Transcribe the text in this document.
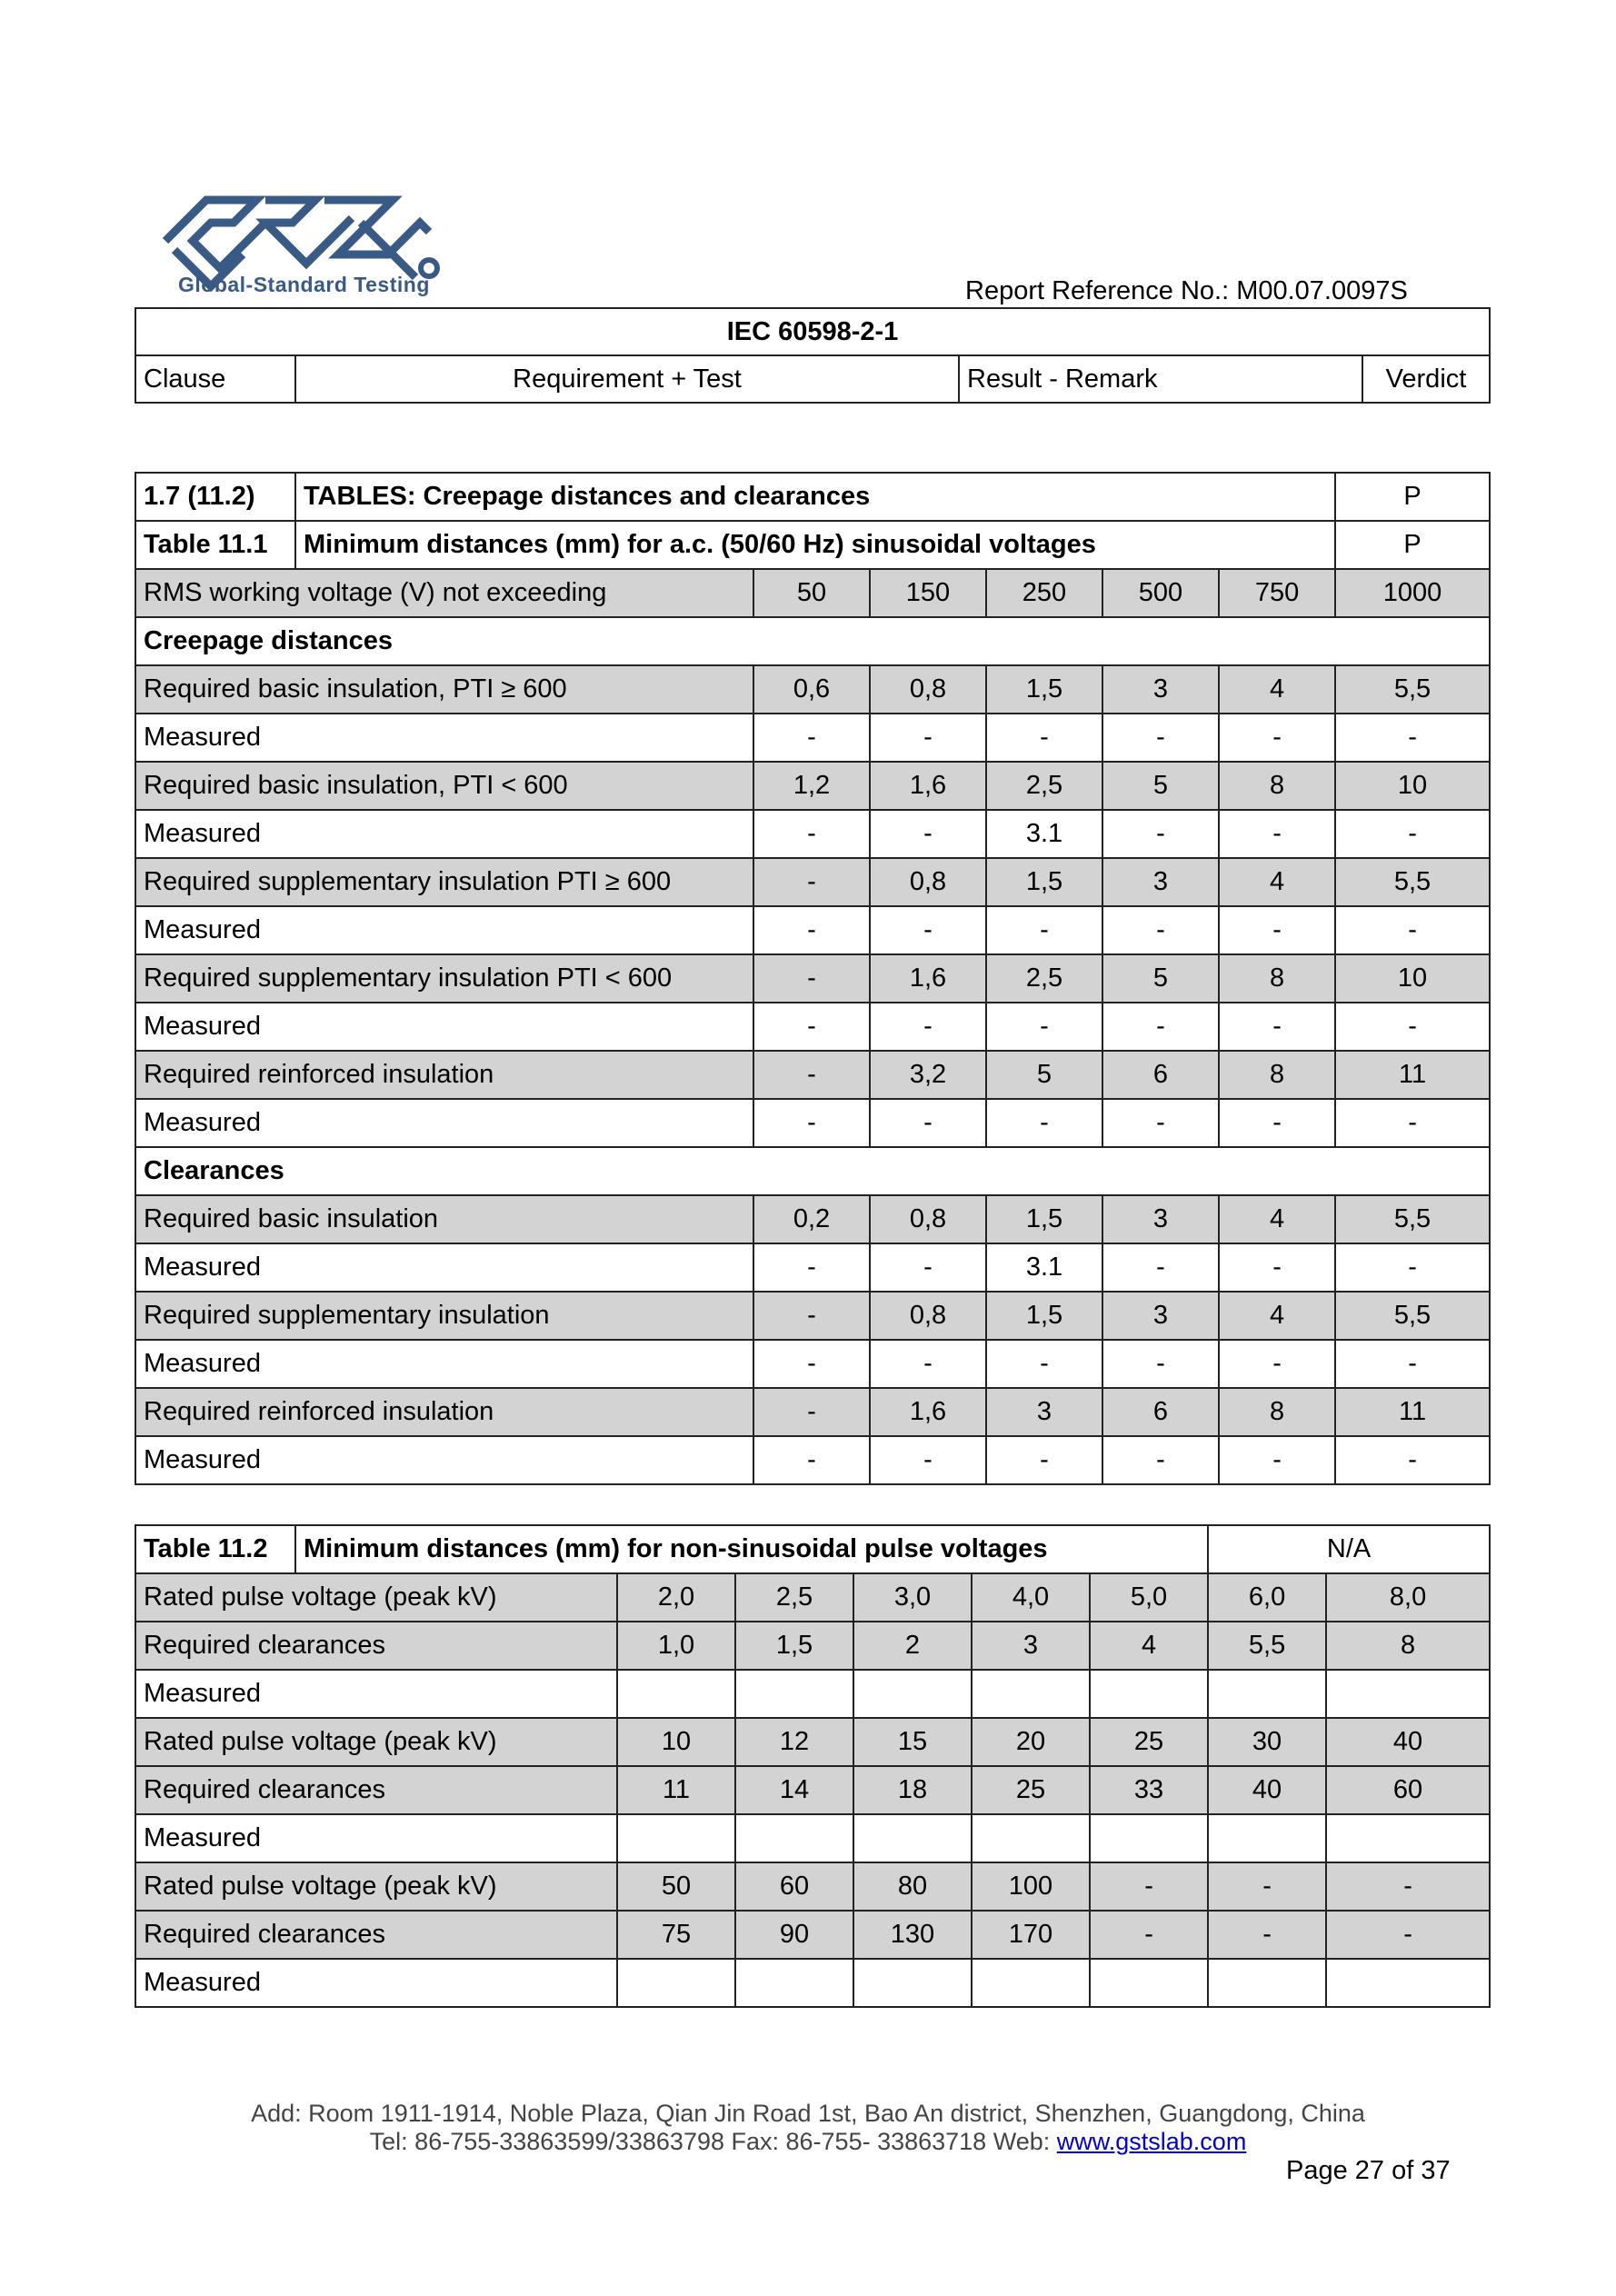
Global-Standard Testing	Report Reference No.: M00.07.0097S
IEC 60598-2-1
Clause	Requirement + Test	Result - Remark	Verdict
1.7 (11.2)	TABLES: Creepage distances and clearances						P
Table 11.1	Minimum distances (mm) for a.c. (50/60 Hz) sinusoidal voltages						P
RMS working voltage (V) not exceeding		50	150	250	500	750	1000
Creepage distances							
Required basic insulation, PTI ≥ 600		0,6	0,8	1,5	3	4	5,5
Measured		-	-	-	-	-	-
Required basic insulation, PTI < 600		1,2	1,6	2,5	5	8	10
Measured		-	-	3.1	-	-	-
Required supplementary insulation PTI ≥ 600		-	0,8	1,5	3	4	5,5
Measured		-	-	-	-	-	-
Required supplementary insulation PTI < 600		-	1,6	2,5	5	8	10
Measured		-	-	-	-	-	-
Required reinforced insulation		-	3,2	5	6	8	11
Measured		-	-	-	-	-	-
Clearances							
Required basic insulation		0,2	0,8	1,5	3	4	5,5
Measured		-	-	3.1	-	-	-
Required supplementary insulation		-	0,8	1,5	3	4	5,5
Measured		-	-	-	-	-	-
Required reinforced insulation		-	1,6	3	6	8	11
Measured		-	-	-	-	-	-
Table 11.2	Minimum distances (mm) for non-sinusoidal pulse voltages						N/A	
Rated pulse voltage (peak kV)		2,0	2,5	3,0	4,0	5,0	6,0	8,0
Required clearances		1,0	1,5	2	3	4	5,5	8
Measured								
Rated pulse voltage (peak kV)		10	12	15	20	25	30	40
Required clearances		11	14	18	25	33	40	60
Measured								
Rated pulse voltage (peak kV)		50	60	80	100	-	-	-
Required clearances		75	90	130	170	-	-	-
Measured								
Add: Room 1911-1914, Noble Plaza, Qian Jin Road 1st, Bao An district, Shenzhen, Guangdong, China
Tel: 86-755-33863599/33863798 Fax: 86-755- 33863718 Web: www.gstslab.com
Page 27 of 37
